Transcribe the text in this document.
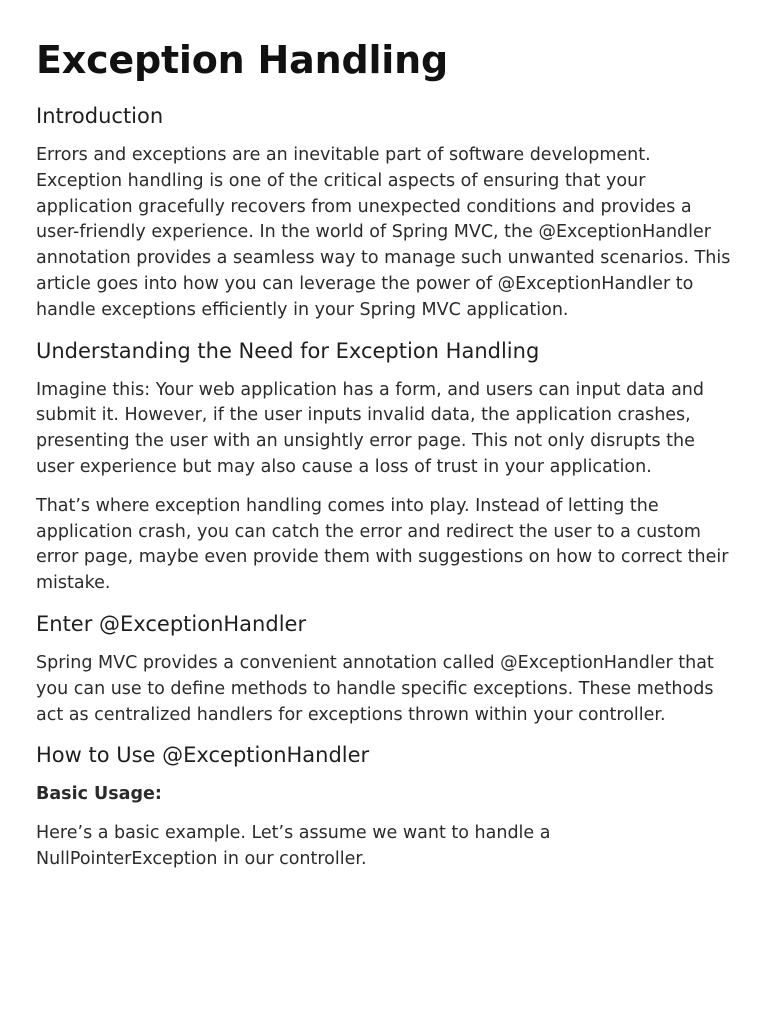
Exception Handling
Introduction

Errors and exceptions are an inevitable part of software development. Exception handling is one of the critical aspects of ensuring that your application gracefully recovers from unexpected conditions and provides a user-friendly experience. In the world of Spring MVC, the @ExceptionHandler annotation provides a seamless way to manage such unwanted scenarios. This article goes into how you can leverage the power of @ExceptionHandler to handle exceptions efficiently in your Spring MVC application.

Understanding the Need for Exception Handling

Imagine this: Your web application has a form, and users can input data and submit it. However, if the user inputs invalid data, the application crashes, presenting the user with an unsightly error page. This not only disrupts the user experience but may also cause a loss of trust in your application.

That’s where exception handling comes into play. Instead of letting the application crash, you can catch the error and redirect the user to a custom error page, maybe even provide them with suggestions on how to correct their mistake.

Enter @ExceptionHandler

Spring MVC provides a convenient annotation called @ExceptionHandler that you can use to define methods to handle specific exceptions. These methods act as centralized handlers for exceptions thrown within your controller.

How to Use @ExceptionHandler

Basic Usage:

Here’s a basic example. Let’s assume we want to handle a NullPointerException in our controller.
